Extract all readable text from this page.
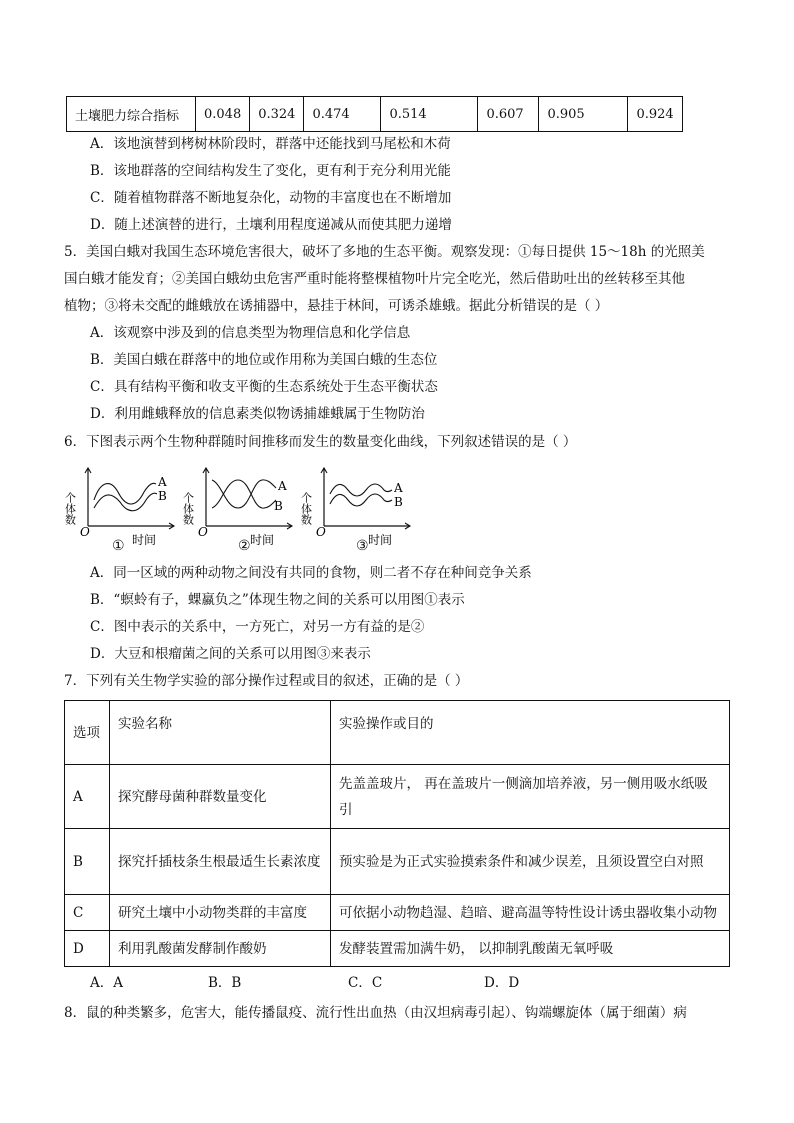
土壤肥力综合指标	0.048	0.324	0.474	0.514	0.607	0.905	0.924
A．该地演替到栲树林阶段时，群落中还能找到马尾松和木荷
B．该地群落的空间结构发生了变化，更有利于充分利用光能
C．随着植物群落不断地复杂化，动物的丰富度也在不断增加
D．随上述演替的进行，土壤利用程度递减从而使其肥力递增
5．美国白蛾对我国生态环境危害很大，破坏了多地的生态平衡。观察发现：①每日提供 15～18h 的光照美
国白蛾才能发育；②美国白蛾幼虫危害严重时能将整棵植物叶片完全吃光，然后借助吐出的丝转移至其他
植物；③将未交配的雌蛾放在诱捕器中，悬挂于林间，可诱杀雄蛾。据此分析错误的是（ ）
A．该观察中涉及到的信息类型为物理信息和化学信息
B．美国白蛾在群落中的地位或作用称为美国白蛾的生态位
C．具有结构平衡和收支平衡的生态系统处于生态平衡状态
D．利用雌蛾释放的信息素类似物诱捕雄蛾属于生物防治
6．下图表示两个生物种群随时间推移而发生的数量变化曲线，下列叙述错误的是（ ）
个体数
O
时间
A
B 个体数
O
时间
A
B 个体数
O
时间
A
B
①	②	③
A．同一区域的两种动物之间没有共同的食物，则二者不存在种间竞争关系
B．“螟蛉有子，蜾蠃负之”体现生物之间的关系可以用图①表示
C．图中表示的关系中，一方死亡，对另一方有益的是②
D．大豆和根瘤菌之间的关系可以用图③来表示
7．下列有关生物学实验的部分操作过程或目的叙述，正确的是（ ）
选项	实验名称	实验操作或目的
A	探究酵母菌种群数量变化	先盖盖玻片， 再在盖玻片一侧滴加培养液，另一侧用吸水纸吸引
B	探究扦插枝条生根最适生长素浓度	预实验是为正式实验摸索条件和减少误差，且须设置空白对照
C	研究土壤中小动物类群的丰富度	可依据小动物趋湿、趋暗、避高温等特性设计诱虫器收集小动物
D	利用乳酸菌发酵制作酸奶	发酵装置需加满牛奶， 以抑制乳酸菌无氧呼吸
A．A	B．B	C．C	D．D
8．鼠的种类繁多，危害大，能传播鼠疫、流行性出血热（由汉坦病毒引起）、钩端螺旋体（属于细菌）病
